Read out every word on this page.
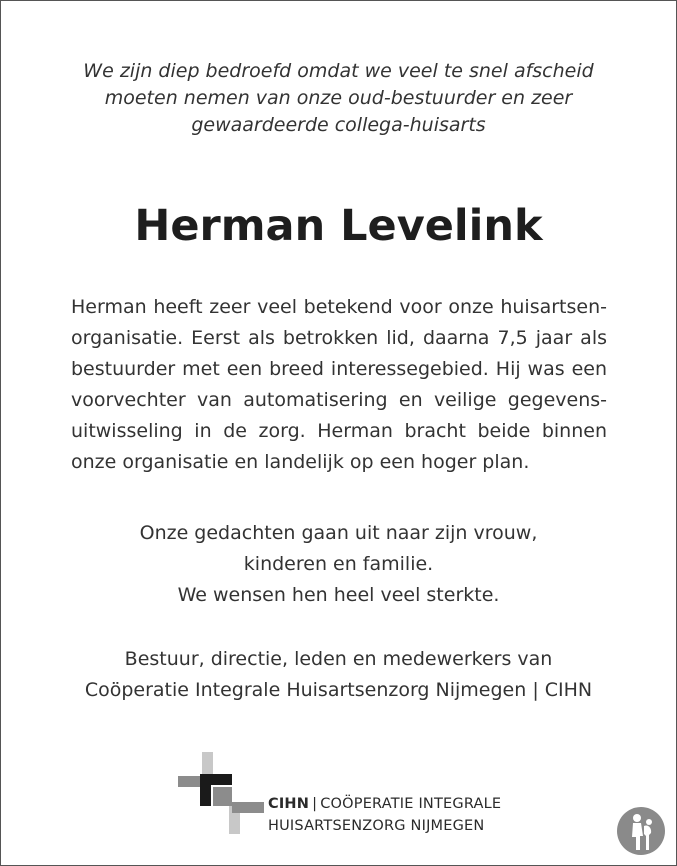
We zijn diep bedroefd omdat we veel te snel afscheid
moeten nemen van onze oud-bestuurder en zeer
gewaardeerde collega-huisarts
Herman Levelink
Herman heeft zeer veel betekend voor onze huisartsen-
organisatie. Eerst als betrokken lid, daarna 7,5 jaar als
bestuurder met een breed interessegebied. Hij was een
voorvechter van automatisering en veilige gegevens-
uitwisseling in de zorg. Herman bracht beide binnen
onze organisatie en landelijk op een hoger plan.
Onze gedachten gaan uit naar zijn vrouw,
kinderen en familie.
We wensen hen heel veel sterkte.
Bestuur, directie, leden en medewerkers van
Coöperatie Integrale Huisartsenzorg Nijmegen | CIHN
CIHN | COÖPERATIE INTEGRALE
HUISARTSENZORG NIJMEGEN
